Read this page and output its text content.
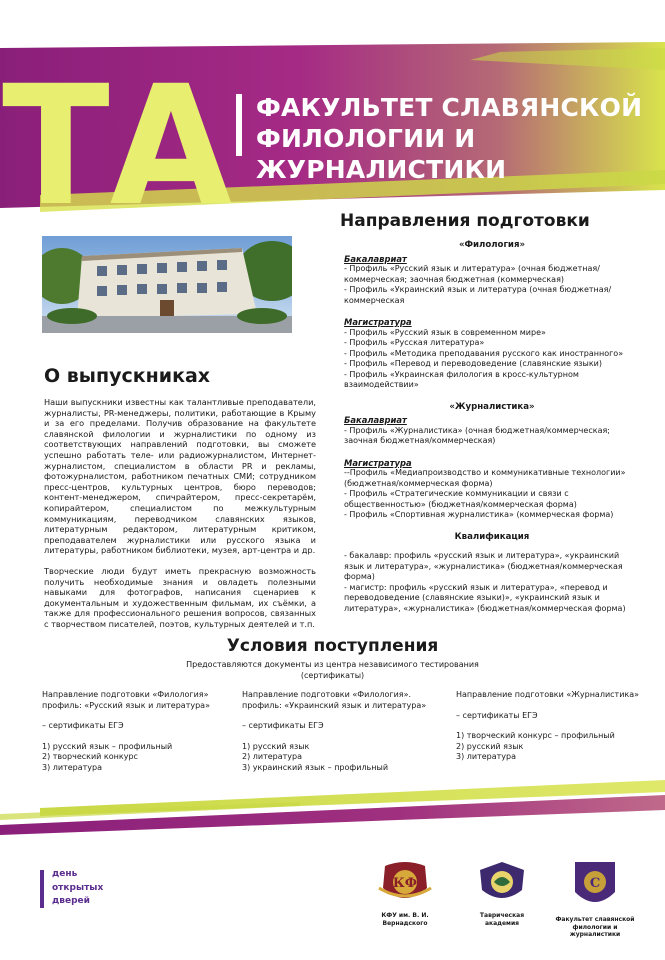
ТА ФАКУЛЬТЕТ СЛАВЯНСКОЙ
ФИЛОЛОГИИ И ЖУРНАЛИСТИКИ
О выпускниках

Наши выпускники известны как талантливые преподаватели, журналисты, PR-менеджеры, политики, работающие в Крыму и за его пределами. Получив образование на факультете славянской филологии и журналистики по одному из соответствующих направлений подготовки, вы сможете успешно работать теле- или радиожурналистом, Интернет-журналистом, специалистом в области PR и рекламы, фотожурналистом, работником печатных СМИ; сотрудником пресс-центров, культурных центров, бюро переводов; контент-менеджером, спичрайтером, пресс-секретарём, копирайтером, специалистом по межкультурным коммуникациям, переводчиком славянских языков, литературным редактором, литературным критиком, преподавателем журналистики или русского языка и литературы, работником библиотеки, музея, арт-центра и др.

Творческие люди будут иметь прекрасную возможность получить необходимые знания и овладеть полезными навыками для фотографов, написания сценариев к документальным и художественным фильмам, их съёмки, а также для профессионального решения вопросов, связанных с творчеством писателей, поэтов, культурных деятелей и т.п.

Направления подготовки
«Филология»
Бакалавриат
- Профиль «Русский язык и литература» (очная бюджетная/коммерческая; заочная бюджетная (коммерческая)
- Профиль «Украинский язык и литература (очная бюджетная/коммерческая
Магистратура
- Профиль «Русский язык в современном мире»
- Профиль «Русская литература»
- Профиль «Методика преподавания русского как иностранного»
- Профиль «Перевод и переводоведение (славянские языки)
- Профиль «Украинская филология в кросс-культурном взаимодействии»
«Журналистика»
Бакалавриат
- Профиль «Журналистика» (очная бюджетная/коммерческая; заочная бюджетная/коммерческая)
Магистратура
--Профиль «Медиапроизводство и коммуникативные технологии» (бюджетная/коммерческая форма)
- Профиль «Стратегические коммуникации и связи с общественностью» (бюджетная/коммерческая форма)
- Профиль «Спортивная журналистика» (коммерческая форма)
Квалификация
- бакалавр: профиль «русский язык и литература», «украинский язык и литература», «журналистика» (бюджетная/коммерческая форма)
- магистр: профиль «русский язык и литература», «перевод и переводоведение (славянские языки)», «украинский язык и литература», «журналистика» (бюджетная/коммерческая форма)
Условия поступления
Предоставляются документы из центра независимого тестирования
(сертификаты)
Направление подготовки «Филология»
профиль: «Русский язык и литература»
– сертификаты ЕГЭ
1) русский язык – профильный
2) творческий конкурс
3) литература
Направление подготовки «Филология».
профиль: «Украинский язык и литература»
– сертификаты ЕГЭ
1) русский язык
2) литература
3) украинский язык – профильный
Направление подготовки «Журналистика»
– сертификаты ЕГЭ
1) творческий конкурс – профильный
2) русский язык
3) литература
день
открытых
дверей
КФ
КФУ им. В. И. Вернадского
Таврическая академия
С
Факультет славянской филологии и журналистики
